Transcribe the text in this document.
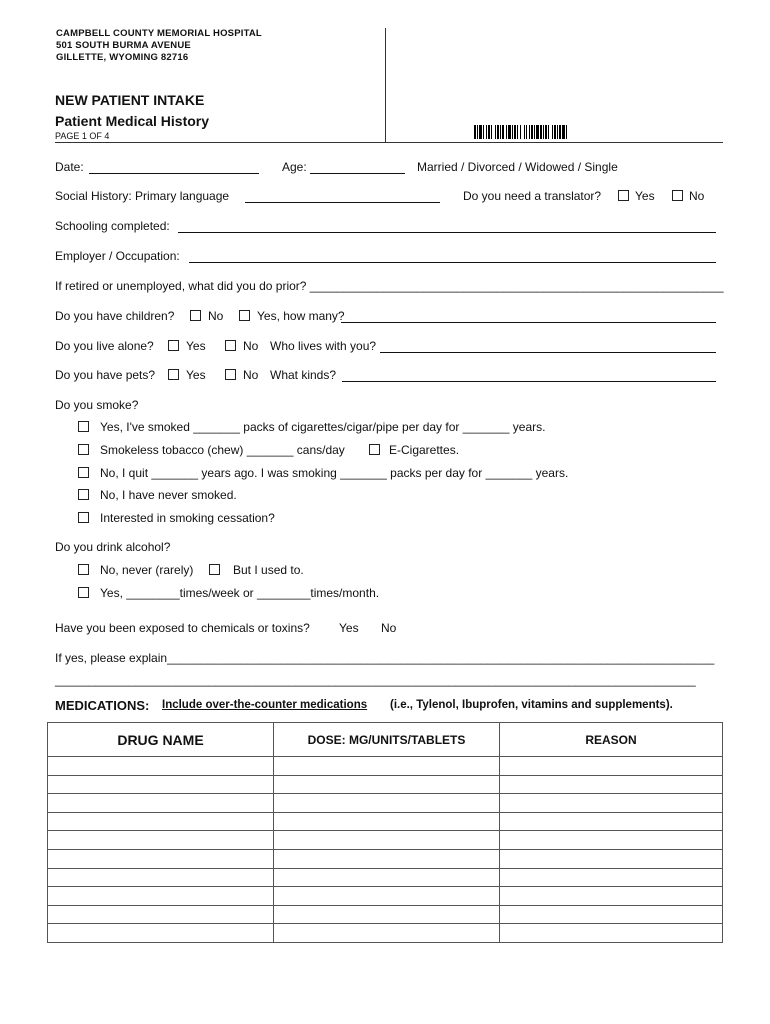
CAMPBELL COUNTY MEMORIAL HOSPITAL
501 SOUTH BURMA AVENUE
GILLETTE, WYOMING 82716
NEW PATIENT INTAKE
Patient Medical History
PAGE 1 OF 4
Date:	Age:	Married / Divorced / Widowed / Single
Social History: Primary language	Do you need a translator?	Yes	No
Schooling completed:
Employer / Occupation:
If retired or unemployed, what did you do prior? ______________________________________________________________
Do you have children?	No	Yes, how many?
Do you live alone?	Yes	No Who lives with you?
Do you have pets?	Yes	No What kinds?
Do you smoke?
Yes, I've smoked _______ packs of cigarettes/cigar/pipe per day for _______ years.
Smokeless tobacco (chew) _______ cans/day	E-Cigarettes.
No, I quit _______ years ago. I was smoking _______ packs per day for _______ years.
No, I have never smoked.
Interested in smoking cessation?
Do you drink alcohol?
No, never (rarely)	But I used to.
Yes, ________times/week or ________times/month.
Have you been exposed to chemicals or toxins? Yes No
If yes, please explain__________________________________________________________________________________
________________________________________________________________________________________________
MEDICATIONS: Include over-the-counter medications (i.e., Tylenol, Ibuprofen, vitamins and supplements).
DRUG NAME	DOSE: MG/UNITS/TABLETS	REASON
